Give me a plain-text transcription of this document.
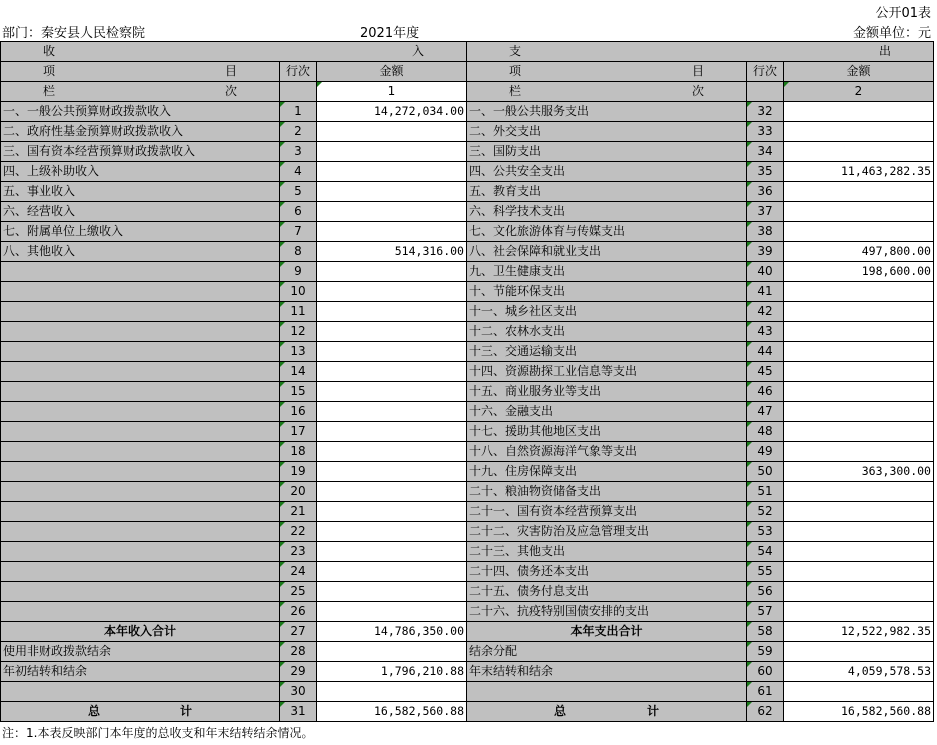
公开01表
部门：秦安县人民检察院	2021年度	金额单位：元
收 入			支 出		

项 目	行次	金额	项 目	行次	金额

栏 次		1	栏 次		2
一、一般公共预算财政拨款收入	1	14,272,034.00	一、一般公共服务支出	32	
二、政府性基金预算财政拨款收入	2		二、外交支出	33	
三、国有资本经营预算财政拨款收入	3		三、国防支出	34	
四、上级补助收入	4		四、公共安全支出	35	11,463,282.35
五、事业收入	5		五、教育支出	36	
六、经营收入	6		六、科学技术支出	37	
七、附属单位上缴收入	7		七、文化旅游体育与传媒支出	38	
八、其他收入	8	514,316.00	八、社会保障和就业支出	39	497,800.00
	9		九、卫生健康支出	40	198,600.00
	10		十、节能环保支出	41	
	11		十一、城乡社区支出	42	
	12		十二、农林水支出	43	
	13		十三、交通运输支出	44	
	14		十四、资源勘探工业信息等支出	45	
	15		十五、商业服务业等支出	46	
	16		十六、金融支出	47	
	17		十七、援助其他地区支出	48	
	18		十八、自然资源海洋气象等支出	49	
	19		十九、住房保障支出	50	363,300.00
	20		二十、粮油物资储备支出	51	
	21		二十一、国有资本经营预算支出	52	
	22		二十二、灾害防治及应急管理支出	53	
	23		二十三、其他支出	54	
	24		二十四、债务还本支出	55	
	25		二十五、债务付息支出	56	
	26		二十六、抗疫特别国债安排的支出	57	
本年收入合计	27	14,786,350.00	本年支出合计	58	12,522,982.35
使用非财政拨款结余	28		结余分配	59	
年初结转和结余	29	1,796,210.88	年末结转和结余	60	4,059,578.53
	30			61	

总 计	31	16,582,560.88	总 计	62	16,582,560.88
注：1.本表反映部门本年度的总收支和年末结转结余情况。
